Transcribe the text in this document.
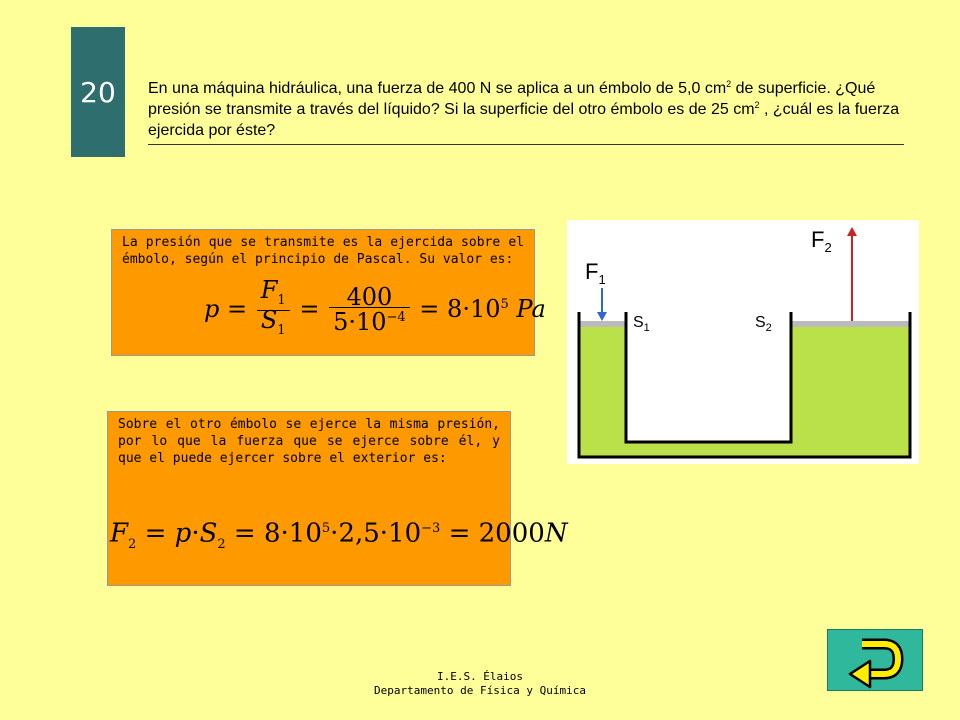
20 En una máquina hidráulica, una fuerza de 400 N se aplica a un émbolo de 5,0 $cm^2$ de superficie. ¿Qué presión se transmite a través del líquido? Si la superficie del otro émbolo es de 25 $cm^2$ , ¿cuál es la fuerza ejercida por éste?
La presión que se transmite es la ejercida sobre el émbolo, según el principio de Pascal. Su valor es:
$p = \frac{F_1}{S_1} = \frac{400}{5\cdot 10^{-4}} = 8\cdot 10^5$ Pa
Sobre el otro émbolo se ejerce la misma presión, por lo que la fuerza que se ejerce sobre él, y que el puede ejercer sobre el exterior es:
$F_2 = p\cdot S_2 = 8\cdot 10^5\cdot 2,5\cdot 10^{-3} = 2000N$
$F_1$
$F_2$
$S_1$	$S_2$
I.E.S. Élaios
Departamento de Física y Química
